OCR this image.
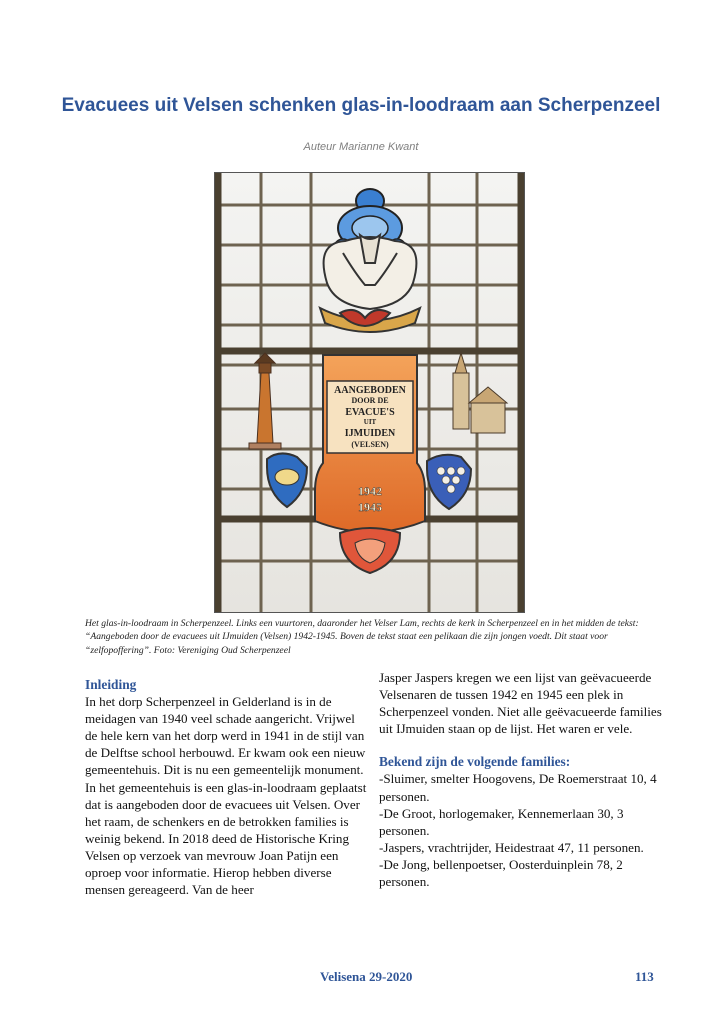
Evacuees uit Velsen schenken glas-in-loodraam aan Scherpenzeel
Auteur Marianne Kwant
AANGEBODEN
DOOR DE
EVACUE'S
UIT
IJMUIDEN
(VELSEN)
1942
1945
Het glas-in-loodraam in Scherpenzeel. Links een vuurtoren, daaronder het Velser Lam, rechts de kerk in Scherpenzeel en in het midden de tekst: “Aangeboden door de evacuees uit IJmuiden (Velsen) 1942-1945. Boven de tekst staat een pelikaan die zijn jongen voedt. Dit staat voor “zelfopoffering”. Foto: Vereniging Oud Scherpenzeel
Inleiding
In het dorp Scherpenzeel in Gelderland is in de meidagen van 1940 veel schade aangericht. Vrijwel de hele kern van het dorp werd in 1941 in de stijl van de Delftse school herbouwd. Er kwam ook een nieuw gemeentehuis. Dit is nu een gemeentelijk monument. In het gemeentehuis is een glas-in-loodraam geplaatst dat is aangeboden door de evacuees uit Velsen. Over het raam, de schenkers en de betrokken families is weinig bekend. In 2018 deed de Historische Kring Velsen op verzoek van mevrouw Joan Patijn een oproep voor informatie. Hierop hebben diverse mensen gereageerd. Van de heer
Jasper Jaspers kregen we een lijst van geëvacueerde Velsenaren de tussen 1942 en 1945 een plek in Scherpenzeel vonden. Niet alle geëvacueerde families uit IJmuiden staan op de lijst. Het waren er vele.
Bekend zijn de volgende families:
-Sluimer, smelter Hoogovens, De Roemerstraat 10, 4 personen.
-De Groot, horlogemaker, Kennemerlaan 30, 3 personen.
-Jaspers, vrachtrijder, Heidestraat 47, 11 personen.
-De Jong, bellenpoetser, Oosterduinplein 78, 2 personen.
Velisena 29-2020	113
